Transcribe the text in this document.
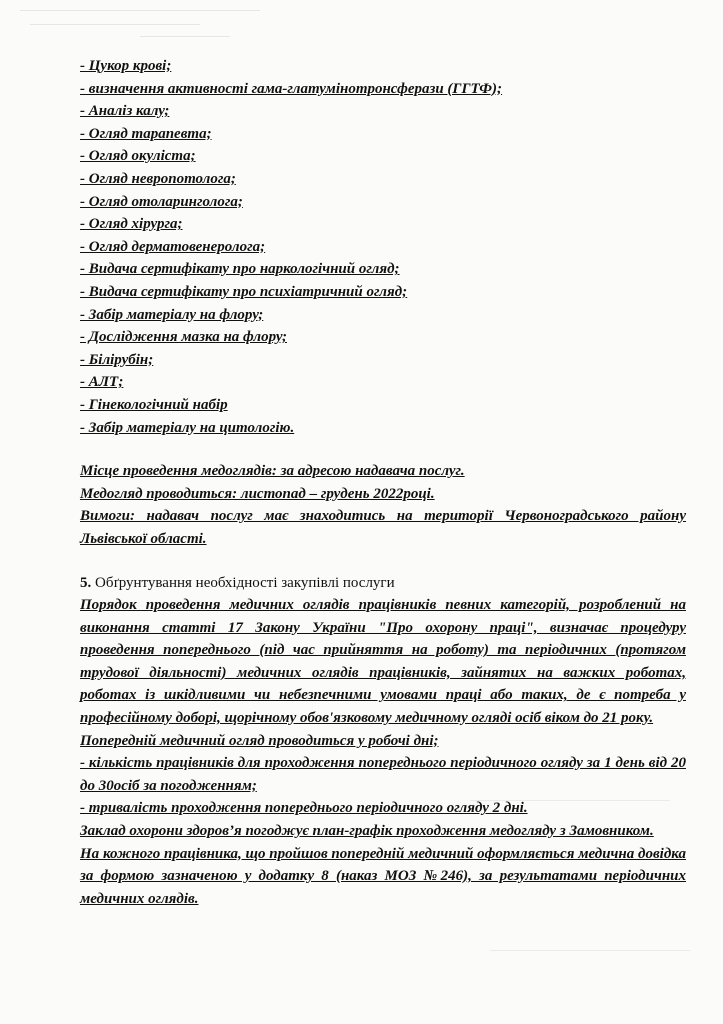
- Цукор крові;
- визначення активності гама-глатумінотронсферази (ГГТФ);
- Аналіз калу;
- Огляд тарапевта;
- Огляд окуліста;
- Огляд невропотолога;
- Огляд отоларинголога;
- Огляд хірурга;
- Огляд дерматовенеролога;
- Видача сертифікату про наркологічний огляд;
- Видача сертифікату про психіатричний огляд;
- Забір матеріалу на флору;
- Дослідження мазка на флору;
- Білірубін;
- АЛТ;
- Гінекологічний набір
- Забір матеріалу на цитологію.

Місце проведення медоглядів: за адресою надавача послуг.

Медогляд проводиться: листопад – грудень 2022році.

Вимоги: надавач послуг має знаходитись на території Червоноградського району Львівської області.

5. Обґрунтування необхідності закупівлі послуги

Порядок проведення медичних оглядів працівників певних категорій, розроблений на виконання статті 17 Закону України "Про охорону праці", визначає процедуру проведення попереднього (під час прийняття на роботу) та періодичних (протягом трудової діяльності) медичних оглядів працівників, зайнятих на важких роботах, роботах із шкідливими чи небезпечними умовами праці або таких, де є потреба у професійному доборі, щорічному обов'язковому медичному огляді осіб віком до 21 року.

Попередній медичний огляд проводиться у робочі дні;

- кількість працівників для проходження попереднього періодичного огляду за 1 день від 20 до 30осіб за погодженням;

- тривалість проходження попереднього періодичного огляду 2 дні.

Заклад охорони здоров’я погоджує план-графік проходження медогляду з Замовником.

На кожного працівника, що пройшов попередній медичний оформляється медична довідка за формою зазначеною у додатку 8 (наказ МОЗ №246), за результатами періодичних медичних оглядів.
